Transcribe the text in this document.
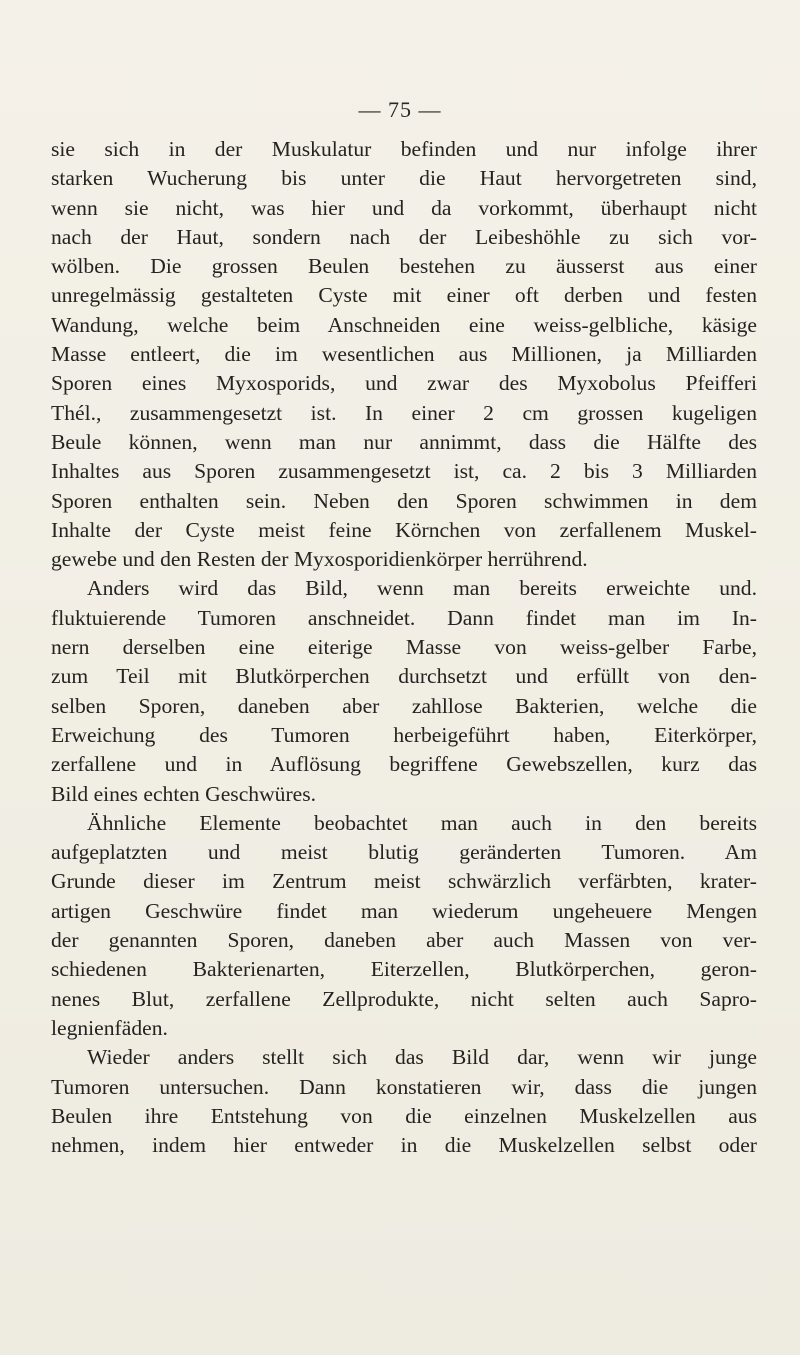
— 75 —

sie sich in der Muskulatur befinden und nur infolge ihrer
starken Wucherung bis unter die Haut hervorgetreten sind,
wenn sie nicht, was hier und da vorkommt, überhaupt nicht
nach der Haut, sondern nach der Leibeshöhle zu sich vor-
wölben. Die grossen Beulen bestehen zu äusserst aus einer
unregelmässig gestalteten Cyste mit einer oft derben und festen
Wandung, welche beim Anschneiden eine weiss-gelbliche, käsige
Masse entleert, die im wesentlichen aus Millionen, ja Milliarden
Sporen eines Myxosporids, und zwar des Myxobolus Pfeifferi
Thél., zusammengesetzt ist. In einer 2 cm grossen kugeligen
Beule können, wenn man nur annimmt, dass die Hälfte des
Inhaltes aus Sporen zusammengesetzt ist, ca. 2 bis 3 Milliarden
Sporen enthalten sein. Neben den Sporen schwimmen in dem
Inhalte der Cyste meist feine Körnchen von zerfallenem Muskel-
gewebe und den Resten der Myxosporidienkörper herrührend.

Anders wird das Bild, wenn man bereits erweichte und.
fluktuierende Tumoren anschneidet. Dann findet man im In-
nern derselben eine eiterige Masse von weiss-gelber Farbe,
zum Teil mit Blutkörperchen durchsetzt und erfüllt von den-
selben Sporen, daneben aber zahllose Bakterien, welche die
Erweichung des Tumoren herbeigeführt haben, Eiterkörper,
zerfallene und in Auflösung begriffene Gewebszellen, kurz das
Bild eines echten Geschwüres.

Ähnliche Elemente beobachtet man auch in den bereits
aufgeplatzten und meist blutig geränderten Tumoren. Am
Grunde dieser im Zentrum meist schwärzlich verfärbten, krater-
artigen Geschwüre findet man wiederum ungeheuere Mengen
der genannten Sporen, daneben aber auch Massen von ver-
schiedenen Bakterienarten, Eiterzellen, Blutkörperchen, geron-
nenes Blut, zerfallene Zellprodukte, nicht selten auch Sapro-
legnienfäden.

Wieder anders stellt sich das Bild dar, wenn wir junge
Tumoren untersuchen. Dann konstatieren wir, dass die jungen
Beulen ihre Entstehung von die einzelnen Muskelzellen aus
nehmen, indem hier entweder in die Muskelzellen selbst oder
